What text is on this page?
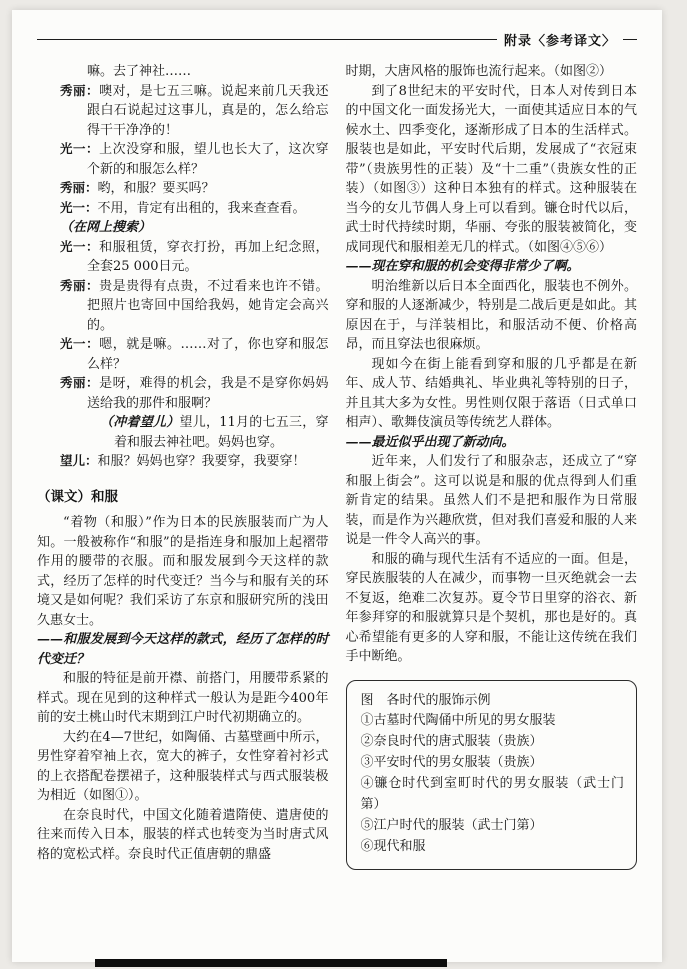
附录〈参考译文〉

嘛。去了神社……

秀丽：噢对，是七五三嘛。说起来前几天我还跟白石说起过这事儿，真是的，怎么给忘得干干净净的！

光一：上次没穿和服，望儿也长大了，这次穿个新的和服怎么样？

秀丽：哟，和服？要买吗？

光一：不用，肯定有出租的，我来查查看。

（在网上搜索）

光一：和服租赁，穿衣打扮，再加上纪念照，全套25 000日元。

秀丽：贵是贵得有点贵，不过看来也许不错。把照片也寄回中国给我妈，她肯定会高兴的。

光一：嗯，就是嘛。……对了，你也穿和服怎么样？

秀丽：是呀，难得的机会，我是不是穿你妈妈送给我的那件和服啊？

（冲着望儿）望儿，11月的七五三，穿着和服去神社吧。妈妈也穿。

望儿：和服？妈妈也穿？我要穿，我要穿！

（课文）和服

“着物（和服）”作为日本的民族服装而广为人知。一般被称作“和服”的是指连身和服加上起褶带作用的腰带的衣服。而和服发展到今天这样的款式，经历了怎样的时代变迁？当今与和服有关的环境又是如何呢？我们采访了东京和服研究所的浅田久惠女士。

——和服发展到今天这样的款式，经历了怎样的时代变迁？

和服的特征是前开襟、前搭门，用腰带系紧的样式。现在见到的这种样式一般认为是距今400年前的安土桃山时代末期到江户时代初期确立的。

大约在4—7世纪，如陶俑、古墓壁画中所示，男性穿着窄袖上衣，宽大的裤子，女性穿着衬衫式的上衣搭配卷摆裙子，这种服装样式与西式服装极为相近（如图①）。

在奈良时代，中国文化随着遣隋使、遣唐使的往来而传入日本，服装的样式也转变为当时唐式风格的宽松式样。奈良时代正值唐朝的鼎盛

时期，大唐风格的服饰也流行起来。（如图②）

到了8世纪末的平安时代，日本人对传到日本的中国文化一面发扬光大，一面使其适应日本的气候水土、四季变化，逐渐形成了日本的生活样式。服装也是如此，平安时代后期，发展成了“衣冠束带”（贵族男性的正装）及“十二重”（贵族女性的正装）（如图③）这种日本独有的样式。这种服装在当今的女儿节偶人身上可以看到。镰仓时代以后，武士时代持续时期，华丽、夸张的服装被简化，变成同现代和服相差无几的样式。（如图④⑤⑥）

——现在穿和服的机会变得非常少了啊。

明治维新以后日本全面西化，服装也不例外。穿和服的人逐渐减少，特别是二战后更是如此。其原因在于，与洋装相比，和服活动不便、价格高昂，而且穿法也很麻烦。

现如今在街上能看到穿和服的几乎都是在新年、成人节、结婚典礼、毕业典礼等特别的日子，并且其大多为女性。男性则仅限于落语（日式单口相声）、歌舞伎演员等传统艺人群体。

——最近似乎出现了新动向。

近年来，人们发行了和服杂志，还成立了“穿和服上街会”。这可以说是和服的优点得到人们重新肯定的结果。虽然人们不是把和服作为日常服装，而是作为兴趣欣赏，但对我们喜爱和服的人来说是一件令人高兴的事。

和服的确与现代生活有不适应的一面。但是，穿民族服装的人在减少，而事物一旦灭绝就会一去不复返，绝难二次复苏。夏令节日里穿的浴衣、新年参拜穿的和服就算只是个契机，那也是好的。真心希望能有更多的人穿和服，不能让这传统在我们手中断绝。

图　各时代的服饰示例

①古墓时代陶俑中所见的男女服装

②奈良时代的唐式服装（贵族）

③平安时代的男女服装（贵族）

④镰仓时代到室町时代的男女服装（武士门第）

⑤江户时代的服装（武士门第）

⑥现代和服
